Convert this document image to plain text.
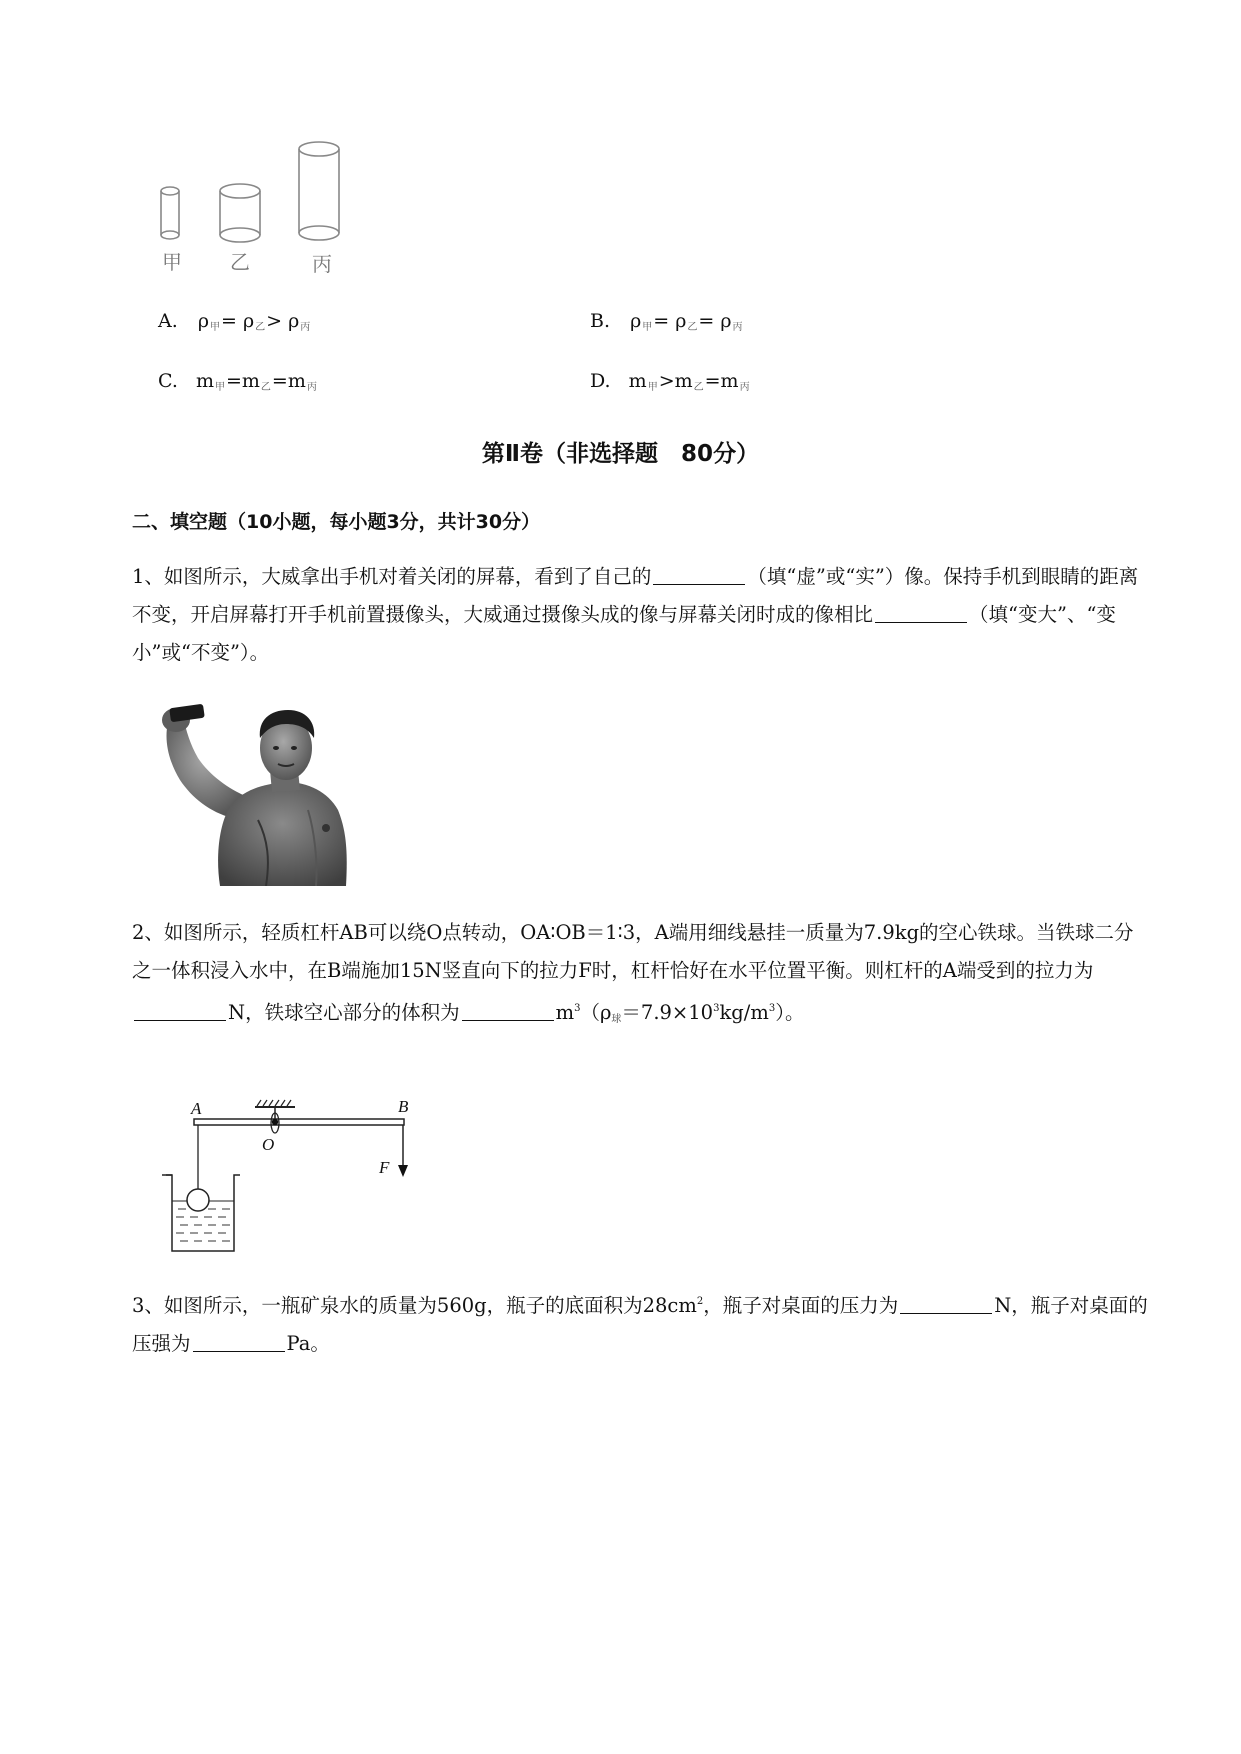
甲 乙	丙
A. $\rho_甲= \rho_乙> \rho_丙$	B. $\rho_甲= \rho_乙= \rho_丙$
C. $m_甲=m_乙=m_丙$	D. $m_甲>m_乙=m_丙$
第Ⅱ卷（非选择题　80分）
二、填空题（10小题，每小题3分，共计30分）
1、如图所示，大威拿出手机对着关闭的屏幕，看到了自己的	（填“虚”或“实”）像。保持手机到眼睛的距离不变，开启屏幕打开手机前置摄像头，大威通过摄像头成的像与屏幕关闭时成的像相比	（填“变大”、“变小”或“不变”）。
2、如图所示，轻质杠杆AB可以绕O点转动，OA∶OB＝1∶3，A端用细线悬挂一质量为7.9kg的空心铁球。当铁球二分之一体积浸入水中，在B端施加15N竖直向下的拉力F时，杠杆恰好在水平位置平衡。则杠杆的A端受到的拉力为N，铁球空心部分的体积为	$m^3(\rho_球=7.9\times 10^3kg/m^3)$。
A	B
O
F
3、如图所示，一瓶矿泉水的质量为560g，瓶子的底面积为$28cm^2$，瓶子对桌面的压力为	N，瓶子对桌面的压强为	Pa。
